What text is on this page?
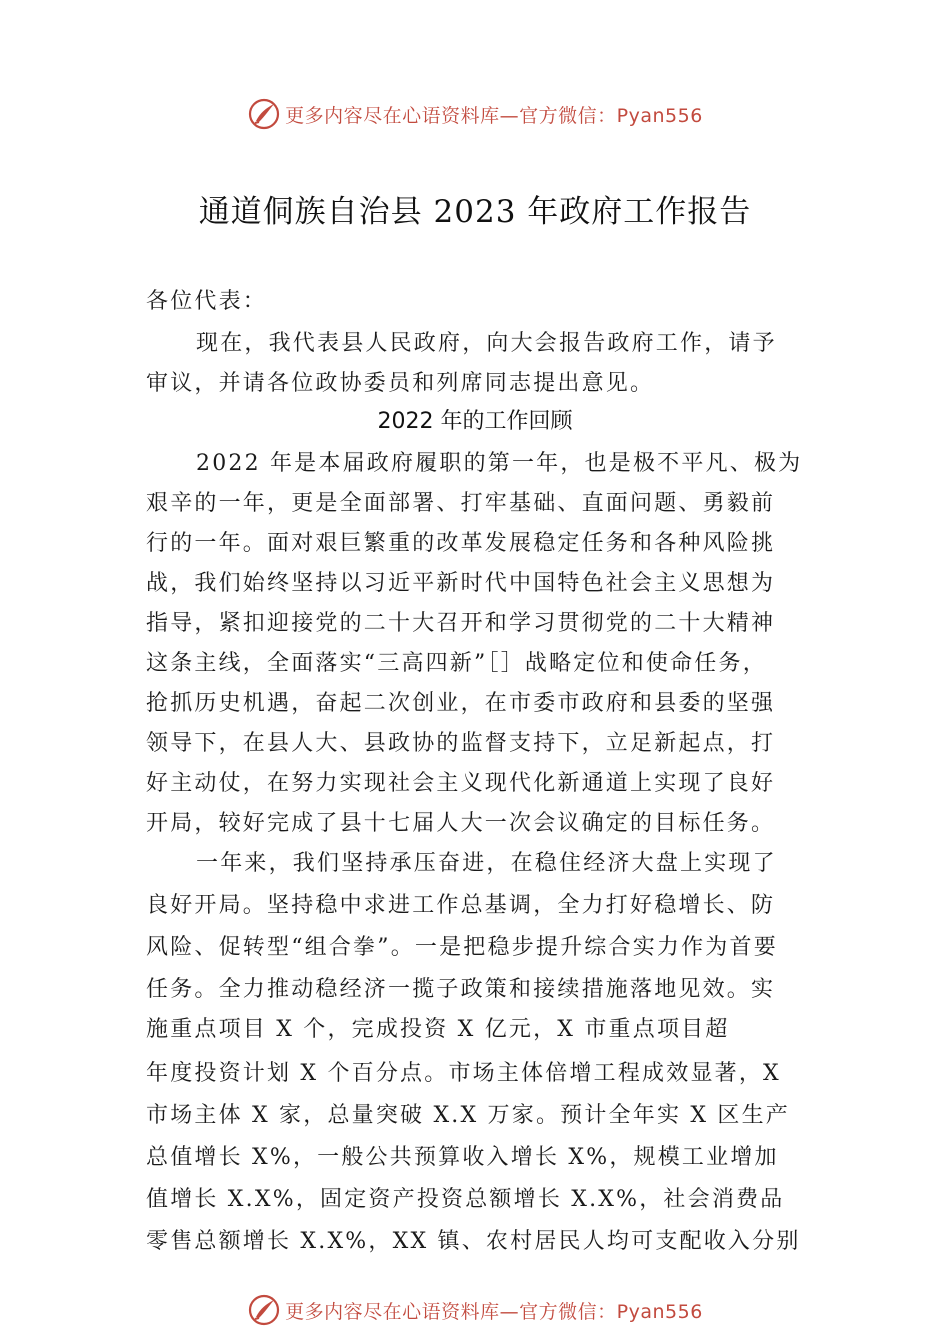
更多内容尽在心语资料库—官方微信：Pyan556
通道侗族自治县 2023 年政府工作报告
各位代表：
现在，我代表县人民政府，向大会报告政府工作，请予
审议，并请各位政协委员和列席同志提出意见。
2022 年的工作回顾
2022 年是本届政府履职的第一年，也是极不平凡、极为
艰辛的一年，更是全面部署、打牢基础、直面问题、勇毅前
行的一年。面对艰巨繁重的改革发展稳定任务和各种风险挑
战，我们始终坚持以习近平新时代中国特色社会主义思想为
指导，紧扣迎接党的二十大召开和学习贯彻党的二十大精神
这条主线，全面落实“三高四新”［］战略定位和使命任务，
抢抓历史机遇，奋起二次创业，在市委市政府和县委的坚强
领导下，在县人大、县政协的监督支持下，立足新起点，打
好主动仗，在努力实现社会主义现代化新通道上实现了良好
开局，较好完成了县十七届人大一次会议确定的目标任务。
一年来，我们坚持承压奋进，在稳住经济大盘上实现了
良好开局。坚持稳中求进工作总基调，全力打好稳增长、防
风险、促转型“组合拳”。一是把稳步提升综合实力作为首要
任务。全力推动稳经济一揽子政策和接续措施落地见效。实
施重点项目 X 个，完成投资 X 亿元，X 市重点项目超
年度投资计划 X 个百分点。市场主体倍增工程成效显著，X
市场主体 X 家，总量突破 X.X 万家。预计全年实 X 区生产
总值增长 X%，一般公共预算收入增长 X%，规模工业增加
值增长 X.X%，固定资产投资总额增长 X.X%，社会消费品
零售总额增长 X.X%，XX 镇、农村居民人均可支配收入分别
更多内容尽在心语资料库—官方微信：Pyan556
